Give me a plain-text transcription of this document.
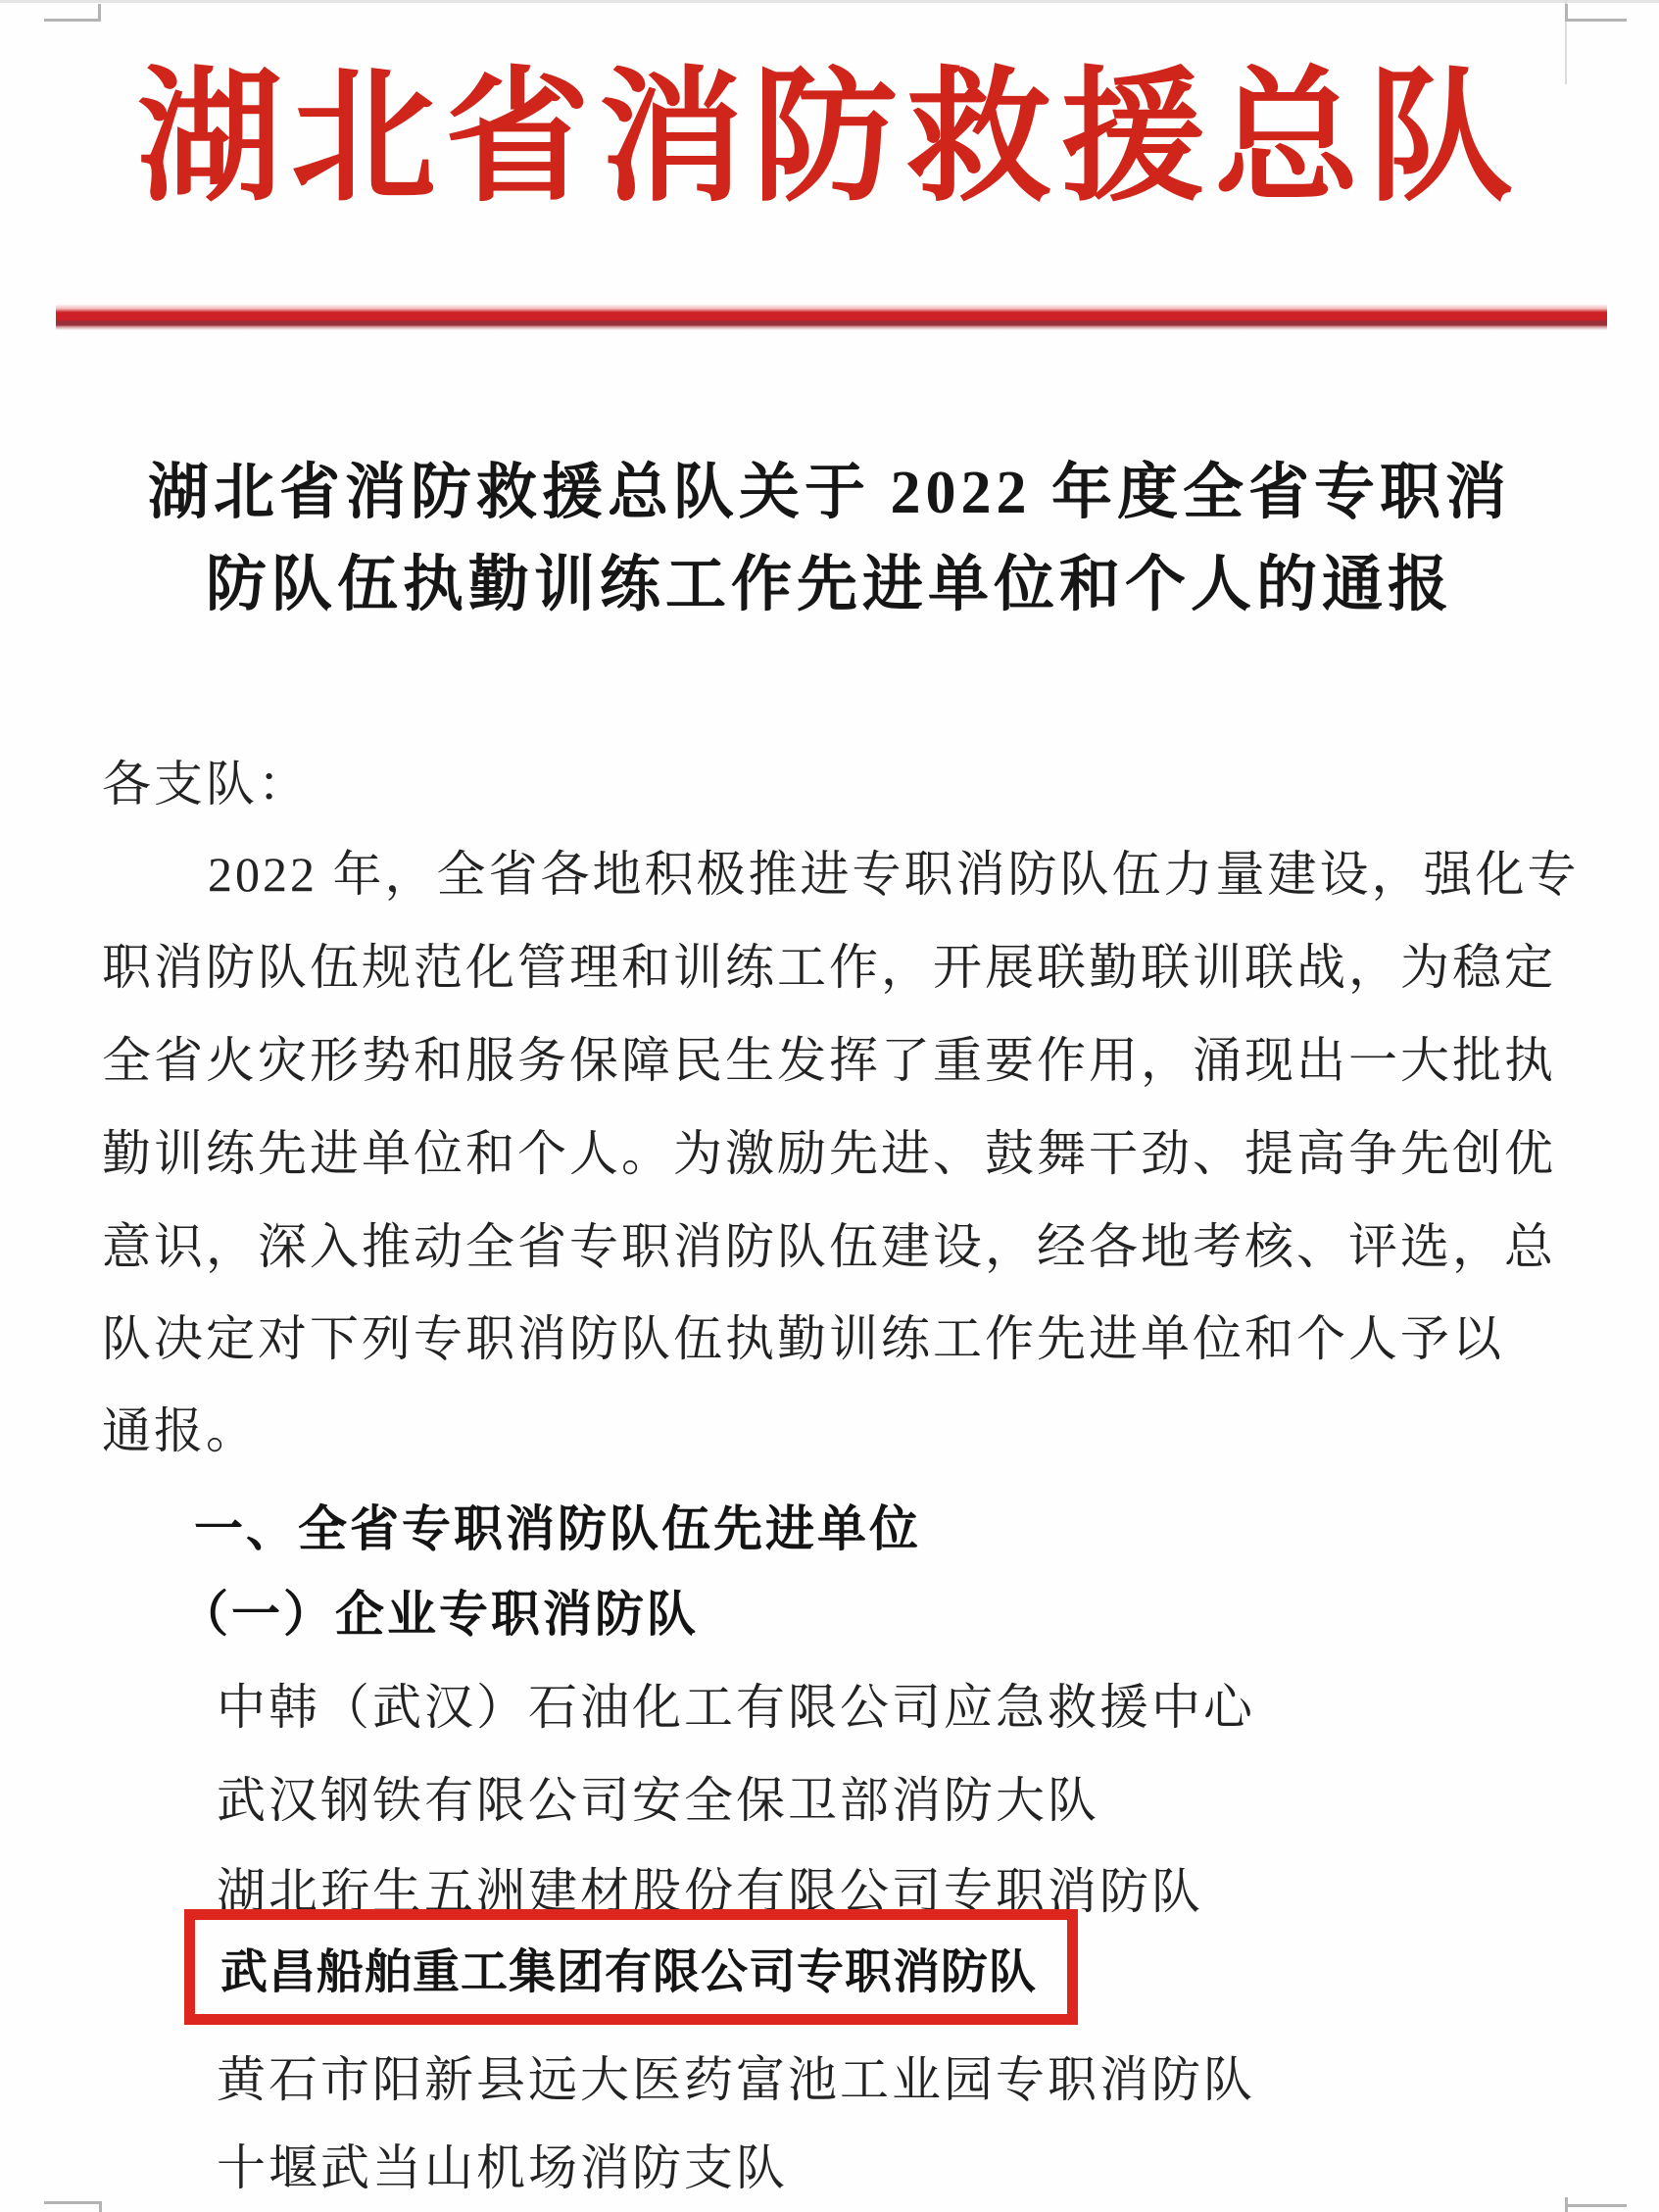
湖北省消防救援总队
湖北省消防救援总队关于 2022 年度全省专职消
防队伍执勤训练工作先进单位和个人的通报
各支队：
2022 年，全省各地积极推进专职消防队伍力量建设，强化专
职消防队伍规范化管理和训练工作，开展联勤联训联战，为稳定
全省火灾形势和服务保障民生发挥了重要作用，涌现出一大批执
勤训练先进单位和个人。为激励先进、鼓舞干劲、提高争先创优
意识，深入推动全省专职消防队伍建设，经各地考核、评选，总
队决定对下列专职消防队伍执勤训练工作先进单位和个人予以
通报。
一、全省专职消防队伍先进单位
（一）企业专职消防队
中韩（武汉）石油化工有限公司应急救援中心
武汉钢铁有限公司安全保卫部消防大队
湖北珩生五洲建材股份有限公司专职消防队
武昌船舶重工集团有限公司专职消防队
黄石市阳新县远大医药富池工业园专职消防队
十堰武当山机场消防支队
